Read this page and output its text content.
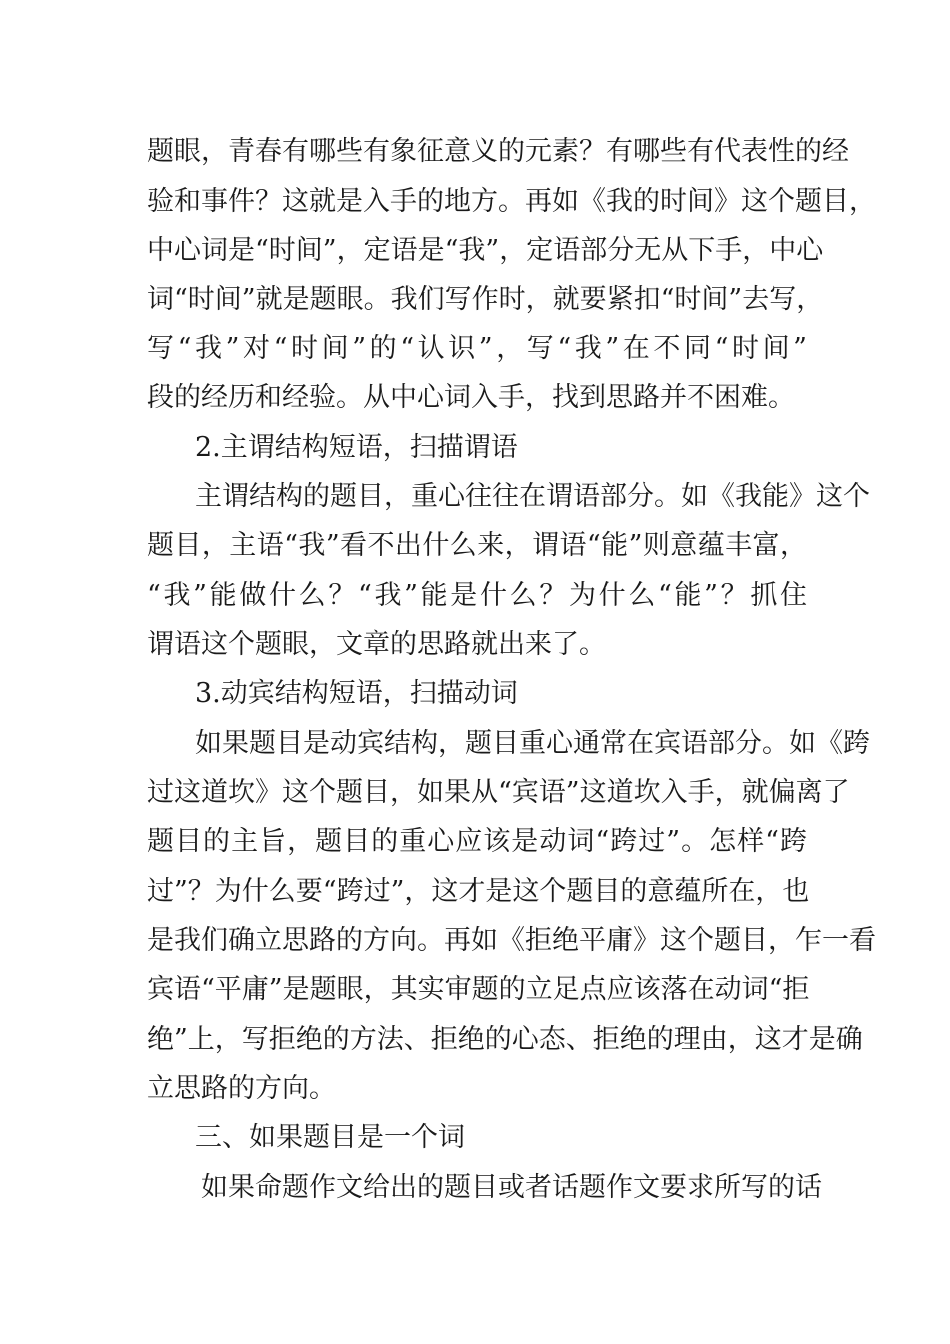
题眼，青春有哪些有象征意义的元素？有哪些有代表性的经
验和事件？这就是入手的地方。再如《我的时间》这个题目，
中心词是“时间”，定语是“我”，定语部分无从下手，中心
词“时间”就是题眼。我们写作时，就要紧扣“时间”去写，
写“我”对“时间”的“认识”，写“我”在不同“时间”
段的经历和经验。从中心词入手，找到思路并不困难。
2.主谓结构短语，扫描谓语
主谓结构的题目，重心往往在谓语部分。如《我能》这个
题目，主语“我”看不出什么来，谓语“能”则意蕴丰富，
“我”能做什么？“我”能是什么？为什么“能”？抓住
谓语这个题眼，文章的思路就出来了。
3.动宾结构短语，扫描动词
如果题目是动宾结构，题目重心通常在宾语部分。如《跨
过这道坎》这个题目，如果从“宾语”这道坎入手，就偏离了
题目的主旨，题目的重心应该是动词“跨过”。怎样“跨
过”？为什么要“跨过”，这才是这个题目的意蕴所在，也
是我们确立思路的方向。再如《拒绝平庸》这个题目，乍一看
宾语“平庸”是题眼，其实审题的立足点应该落在动词“拒
绝”上，写拒绝的方法、拒绝的心态、拒绝的理由，这才是确
立思路的方向。
三、如果题目是一个词
如果命题作文给出的题目或者话题作文要求所写的话
